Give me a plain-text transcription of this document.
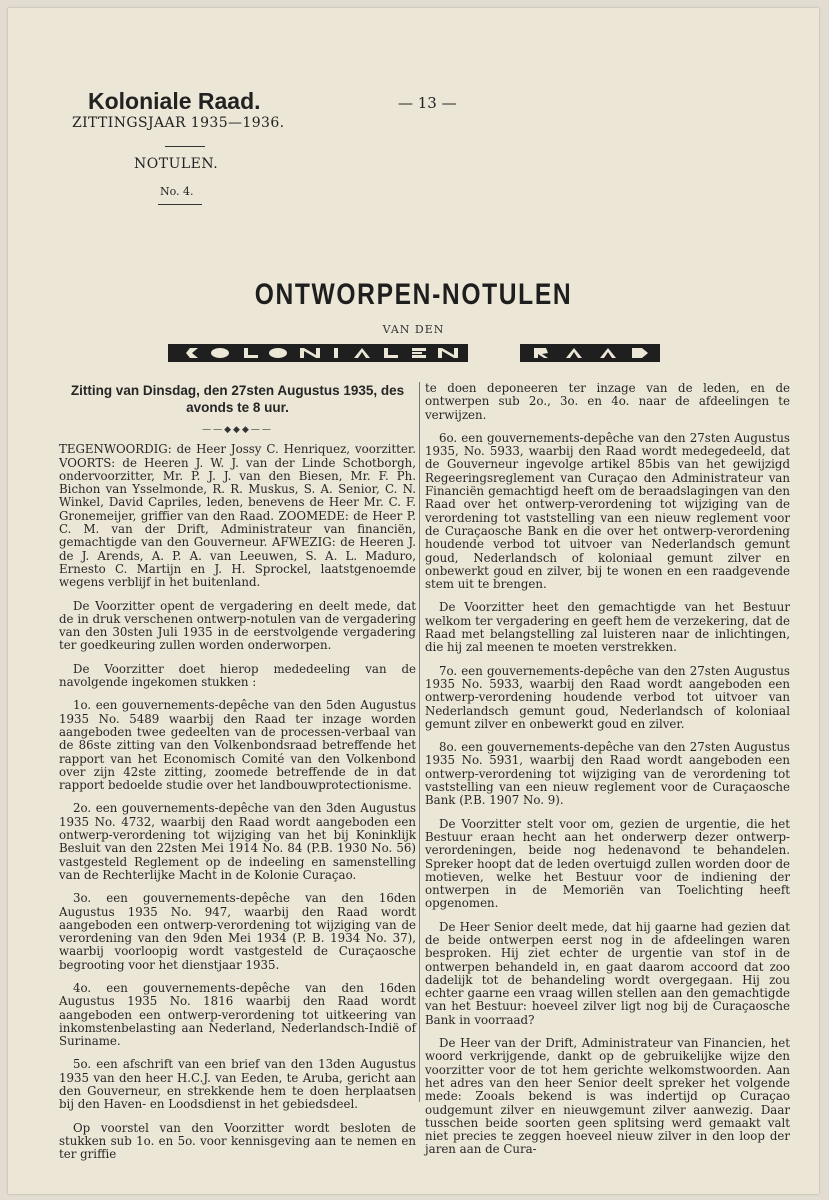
Koloniale Raad.
ZITTINGSJAAR 1935—1936.
— 13 —
NOTULEN.
No. 4.
ONTWORPEN-NOTULEN
VAN DEN

Zitting van Dinsdag, den 27sten Augustus 1935, des avonds te 8 uur.

——◆◆◆——

TEGENWOORDIG: de Heer Jossy C. Henriquez, voorzitter. VOORTS: de Heeren J. W. J. van der Linde Schotborgh, ondervoorzitter, Mr. P. J. J. van den Biesen, Mr. F. Ph. Bichon van Ysselmonde, R. R. Muskus, S. A. Senior, C. N. Winkel, David Capriles, leden, benevens de Heer Mr. C. F. Gronemeijer, griffier van den Raad. ZOOMEDE: de Heer P. C. M. van der Drift, Administrateur van financiën, gemachtigde van den Gouverneur. AFWEZIG: de Heeren J. de J. Arends, A. P. A. van Leeuwen, S. A. L. Maduro, Ernesto C. Martijn en J. H. Sprockel, laatstgenoemde wegens verblijf in het buitenland.

De Voorzitter opent de vergadering en deelt mede, dat de in druk verschenen ontwerp-notulen van de vergadering van den 30sten Juli 1935 in de eerstvolgende vergadering ter goedkeuring zullen worden onderworpen.

De Voorzitter doet hierop mededeeling van de navolgende ingekomen stukken :

1o. een gouvernements-depêche van den 5den Augustus 1935 No. 5489 waarbij den Raad ter inzage worden aangeboden twee gedeelten van de processen-verbaal van de 86ste zitting van den Volkenbondsraad betreffende het rapport van het Economisch Comité van den Volkenbond over zijn 42ste zitting, zoomede betreffende de in dat rapport bedoelde studie over het landbouwprotectionisme.

2o. een gouvernements-depêche van den 3den Augustus 1935 No. 4732, waarbij den Raad wordt aangeboden een ontwerp-verordening tot wijziging van het bij Koninklijk Besluit van den 22sten Mei 1914 No. 84 (P.B. 1930 No. 56) vastgesteld Reglement op de indeeling en samenstelling van de Rechterlijke Macht in de Kolonie Curaçao.

3o. een gouvernements-depêche van den 16den Augustus 1935 No. 947, waarbij den Raad wordt aangeboden een ontwerp-verordening tot wijziging van de verordening van den 9den Mei 1934 (P. B. 1934 No. 37), waarbij voorloopig wordt vastgesteld de Curaçaosche begrooting voor het dienstjaar 1935.

4o. een gouvernements-depêche van den 16den Augustus 1935 No. 1816 waarbij den Raad wordt aangeboden een ontwerp-verordening tot uitkeering van inkomstenbelasting aan Nederland, Nederlandsch-Indië of Suriname.

5o. een afschrift van een brief van den 13den Augustus 1935 van den heer H.C.J. van Eeden, te Aruba, gericht aan den Gouverneur, en strekkende hem te doen herplaatsen bij den Haven- en Loodsdienst in het gebiedsdeel.

Op voorstel van den Voorzitter wordt besloten de stukken sub 1o. en 5o. voor kennisgeving aan te nemen en ter griffie

te doen deponeeren ter inzage van de leden, en de ontwerpen sub 2o., 3o. en 4o. naar de afdeelingen te verwijzen.

6o. een gouvernements-depêche van den 27sten Augustus 1935, No. 5933, waarbij den Raad wordt medegedeeld, dat de Gouverneur ingevolge artikel 85bis van het gewijzigd Regeeringsreglement van Curaçao den Administrateur van Financiën gemachtigd heeft om de beraadslagingen van den Raad over het ontwerp-verordening tot wijziging van de verordening tot vaststelling van een nieuw reglement voor de Curaçaosche Bank en die over het ontwerp-verordening houdende verbod tot uitvoer van Nederlandsch gemunt goud, Nederlandsch of koloniaal gemunt zilver en onbewerkt goud en zilver, bij te wonen en een raadgevende stem uit te brengen.

De Voorzitter heet den gemachtigde van het Bestuur welkom ter vergadering en geeft hem de verzekering, dat de Raad met belangstelling zal luisteren naar de inlichtingen, die hij zal meenen te moeten verstrekken.

7o. een gouvernements-depêche van den 27sten Augustus 1935 No. 5933, waarbij den Raad wordt aangeboden een ontwerp-verordening houdende verbod tot uitvoer van Nederlandsch gemunt goud, Nederlandsch of koloniaal gemunt zilver en onbewerkt goud en zilver.

8o. een gouvernements-depêche van den 27sten Augustus 1935 No. 5931, waarbij den Raad wordt aangeboden een ontwerp-verordening tot wijziging van de verordening tot vaststelling van een nieuw reglement voor de Curaçaosche Bank (P.B. 1907 No. 9).

De Voorzitter stelt voor om, gezien de urgentie, die het Bestuur eraan hecht aan het onderwerp dezer ontwerp-verordeningen, beide nog hedenavond te behandelen. Spreker hoopt dat de leden overtuigd zullen worden door de motieven, welke het Bestuur voor de indiening der ontwerpen in de Memoriën van Toelichting heeft opgenomen.

De Heer Senior deelt mede, dat hij gaarne had gezien dat de beide ontwerpen eerst nog in de afdeelingen waren besproken. Hij ziet echter de urgentie van stof in de ontwerpen behandeld in, en gaat daarom accoord dat zoo dadelijk tot de behandeling wordt overgegaan. Hij zou echter gaarne een vraag willen stellen aan den gemachtigde van het Bestuur: hoeveel zilver ligt nog bij de Curaçaosche Bank in voorraad?

De Heer van der Drift, Administrateur van Financien, het woord verkrijgende, dankt op de gebruikelijke wijze den voorzitter voor de tot hem gerichte welkomstwoorden. Aan het adres van den heer Senior deelt spreker het volgende mede: Zooals bekend is was indertijd op Curaçao oudgemunt zilver en nieuwgemunt zilver aanwezig. Daar tusschen beide soorten geen splitsing werd gemaakt valt niet precies te zeggen hoeveel nieuw zilver in den loop der jaren aan de Cura-
